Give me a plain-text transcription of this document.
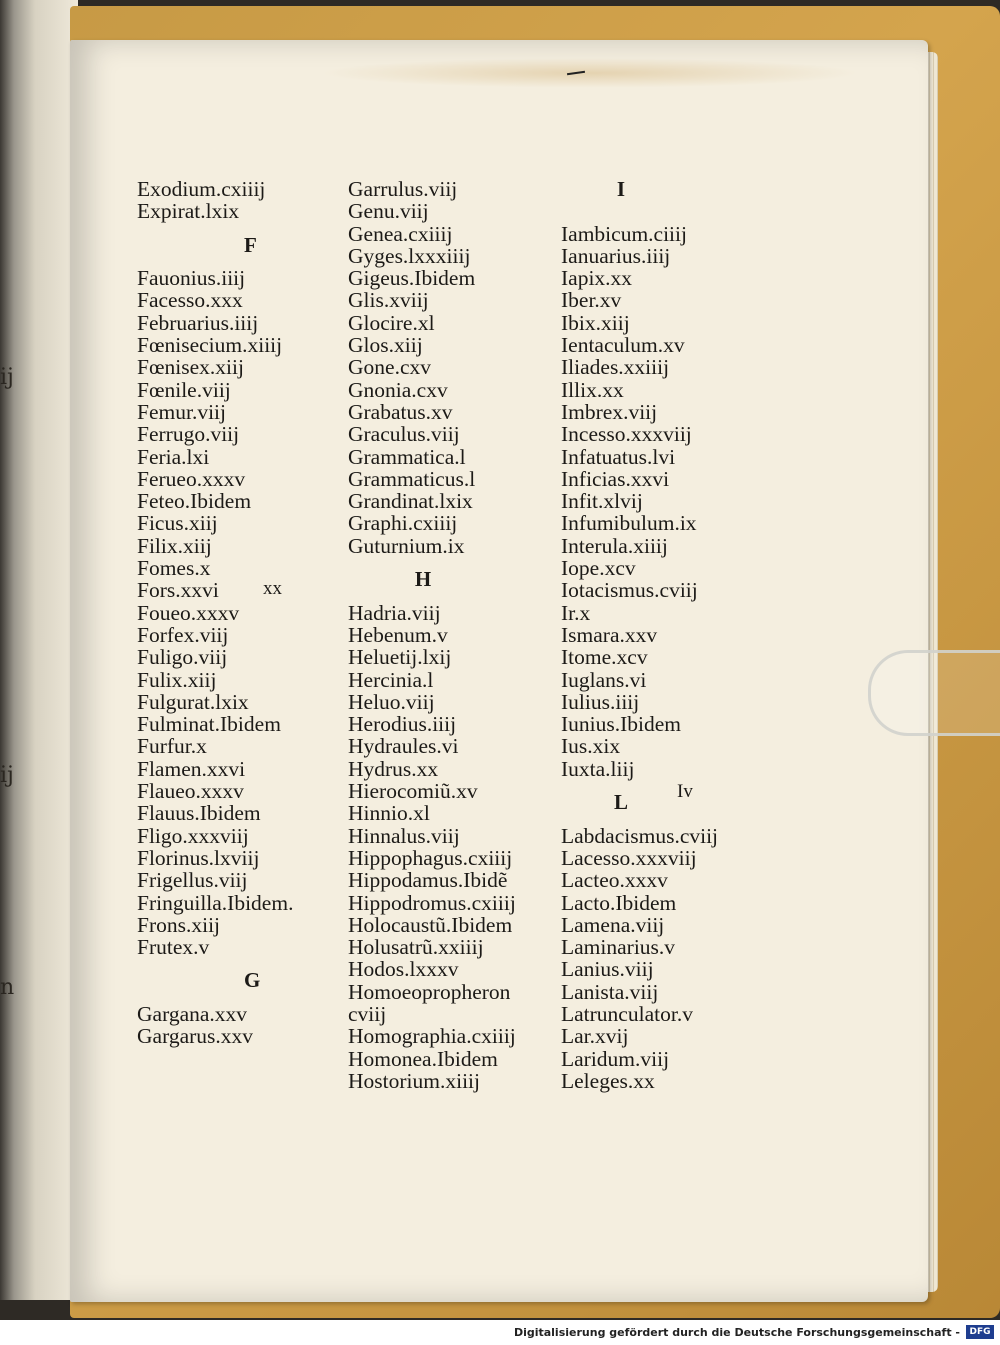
ij
ij
n
Exodium.cxiiij
Expirat.lxix
F
Fauonius.iiij
Facesso.xxx
Februarius.iiij
Fœnisecium.xiiij
Fœnisex.xiij
Fœnile.viij
Femur.viij
Ferrugo.viij
Feria.lxi
Ferueo.xxxv
Feteo.Ibidem
Ficus.xiij
Filix.xiij
Fomes.x
Fors.xxvi
Foueo.xxxv
Forfex.viij
Fuligo.viij
Fulix.xiij
Fulgurat.lxix
Fulminat.Ibidem
Furfur.x
Flamen.xxvi
Flaueo.xxxv
Flauus.Ibidem
Fligo.xxxviij
Florinus.lxviij
Frigellus.viij
Fringuilla.Ibidem.
Frons.xiij
Frutex.v
G
Gargana.xxv
Gargarus.xxv
Garrulus.viij
Genu.viij
Genea.cxiiij
Gyges.lxxxiiij
Gigeus.Ibidem
Glis.xviij
Glocire.xl
Glos.xiij
Gone.cxv
Gnonia.cxv
Grabatus.xv
Graculus.viij
Grammatica.l
Grammaticus.l
Grandinat.lxix
Graphi.cxiiij
Guturnium.ix
H
Hadria.viij
Hebenum.v
Heluetij.lxij
Hercinia.l
Heluo.viij
Herodius.iiij
Hydraules.vi
Hydrus.xx
Hierocomiũ.xv
Hinnio.xl
Hinnalus.viij
Hippophagus.cxiiij
Hippodamus.Ibidẽ
Hippodromus.cxiiij
Holocaustũ.Ibidem
Holusatrũ.xxiiij
Hodos.lxxxv
Homoeopropheron
cviij
Homographia.cxiiij
Homonea.Ibidem
Hostorium.xiiij
I
Iambicum.ciiij
Ianuarius.iiij
Iapix.xx
Iber.xv
Ibix.xiij
Ientaculum.xv
Iliades.xxiiij
Illix.xx
Imbrex.viij
Incesso.xxxviij
Infatuatus.lvi
Inficias.xxvi
Infit.xlvij
Infumibulum.ix
Interula.xiiij
Iope.xcv
Iotacismus.cviij
Ir.x
Ismara.xxv
Itome.xcv
Iuglans.vi
Iulius.iiij
Iunius.Ibidem
Ius.xix
Iuxta.liij
L
Labdacismus.cviij
Lacesso.xxxviij
Lacteo.xxxv
Lacto.Ibidem
Lamena.viij
Laminarius.v
Lanius.viij
Lanista.viij
Latrunculator.v
Lar.xvij
Laridum.viij
Leleges.xx
xx
Iv
Digitalisierung gefördert durch die Deutsche Forschungsgemeinschaft -	DFG
